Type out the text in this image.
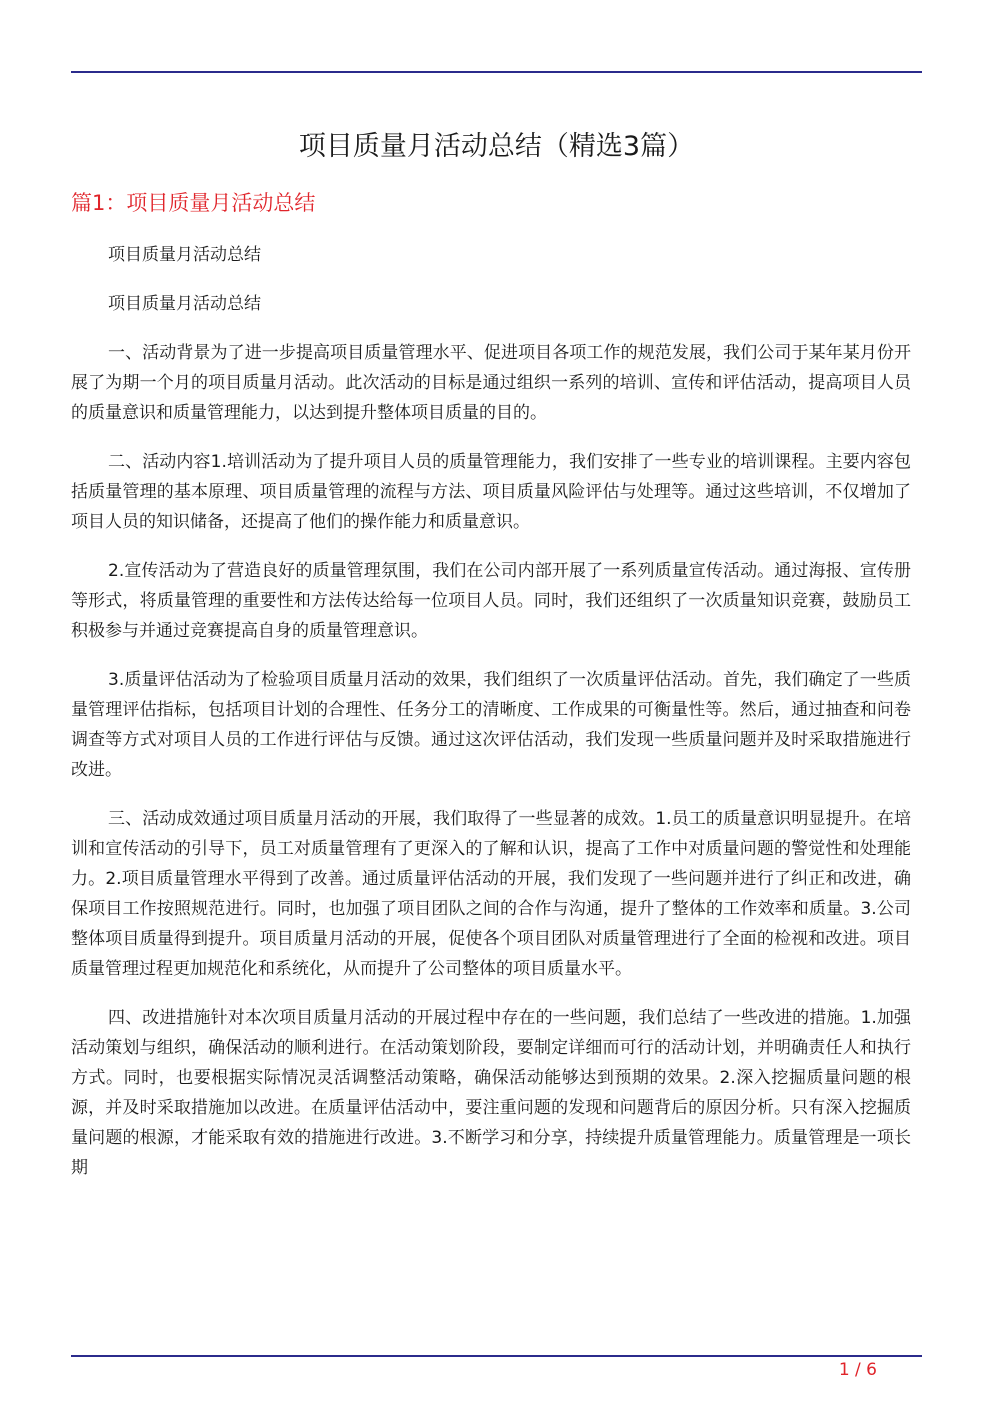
项目质量月活动总结（精选3篇）
篇1：项目质量月活动总结

项目质量月活动总结

项目质量月活动总结

一、活动背景为了进一步提高项目质量管理水平、促进项目各项工作的规范发展，我们公司于某年某月份开展了为期一个月的项目质量月活动。此次活动的目标是通过组织一系列的培训、宣传和评估活动，提高项目人员的质量意识和质量管理能力，以达到提升整体项目质量的目的。

二、活动内容1.培训活动为了提升项目人员的质量管理能力，我们安排了一些专业的培训课程。主要内容包括质量管理的基本原理、项目质量管理的流程与方法、项目质量风险评估与处理等。通过这些培训，不仅增加了项目人员的知识储备，还提高了他们的操作能力和质量意识。

2.宣传活动为了营造良好的质量管理氛围，我们在公司内部开展了一系列质量宣传活动。通过海报、宣传册等形式，将质量管理的重要性和方法传达给每一位项目人员。同时，我们还组织了一次质量知识竞赛，鼓励员工积极参与并通过竞赛提高自身的质量管理意识。

3.质量评估活动为了检验项目质量月活动的效果，我们组织了一次质量评估活动。首先，我们确定了一些质量管理评估指标，包括项目计划的合理性、任务分工的清晰度、工作成果的可衡量性等。然后，通过抽查和问卷调查等方式对项目人员的工作进行评估与反馈。通过这次评估活动，我们发现一些质量问题并及时采取措施进行改进。

三、活动成效通过项目质量月活动的开展，我们取得了一些显著的成效。1.员工的质量意识明显提升。在培训和宣传活动的引导下，员工对质量管理有了更深入的了解和认识，提高了工作中对质量问题的警觉性和处理能力。2.项目质量管理水平得到了改善。通过质量评估活动的开展，我们发现了一些问题并进行了纠正和改进，确保项目工作按照规范进行。同时，也加强了项目团队之间的合作与沟通，提升了整体的工作效率和质量。3.公司整体项目质量得到提升。项目质量月活动的开展，促使各个项目团队对质量管理进行了全面的检视和改进。项目质量管理过程更加规范化和系统化，从而提升了公司整体的项目质量水平。

四、改进措施针对本次项目质量月活动的开展过程中存在的一些问题，我们总结了一些改进的措施。1.加强活动策划与组织，确保活动的顺利进行。在活动策划阶段，要制定详细而可行的活动计划，并明确责任人和执行方式。同时，也要根据实际情况灵活调整活动策略，确保活动能够达到预期的效果。2.深入挖掘质量问题的根源，并及时采取措施加以改进。在质量评估活动中，要注重问题的发现和问题背后的原因分析。只有深入挖掘质量问题的根源，才能采取有效的措施进行改进。3.不断学习和分享，持续提升质量管理能力。质量管理是一项长期

1 / 6
